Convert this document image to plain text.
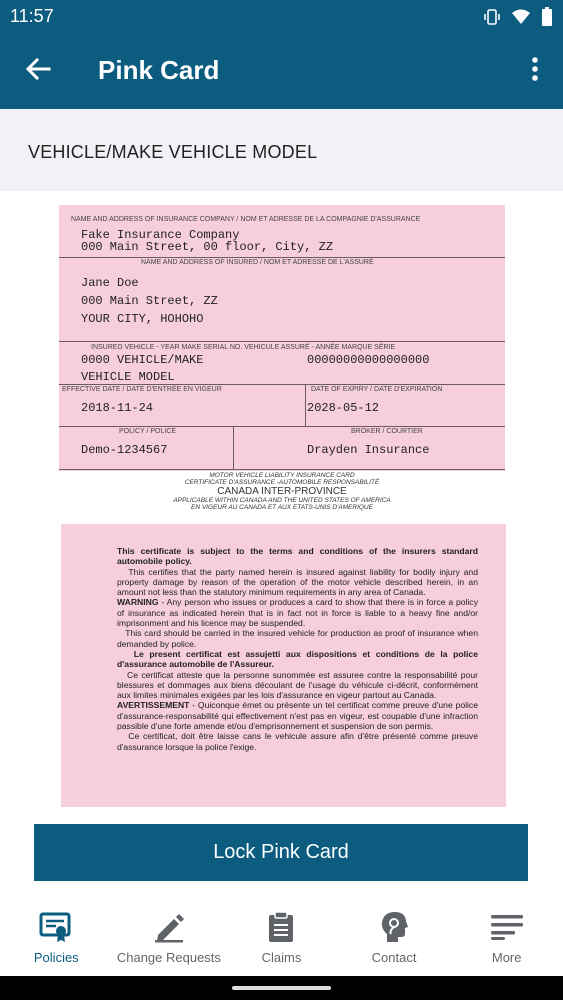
11:57
Pink Card
VEHICLE/MAKE VEHICLE MODEL
NAME AND ADDRESS OF INSURANCE COMPANY / NOM ET ADRESSE DE LA COMPAGNIE D'ASSURANCE
Fake Insurance Company
000 Main Street, 00 floor, City, ZZ
NAME AND ADDRESS OF INSURED / NOM ET ADRESSE DE L'ASSURÉ
Jane Doe
000 Main Street, ZZ
YOUR CITY, HOHOHO
INSURED VEHICLE - YEAR MAKE SERIAL NO. VEHICULE ASSURÉ - ANNÉE MARQUE SÉRIE
0000 VEHICLE/MAKE
VEHICLE MODEL
00000000000000000
EFFECTIVE DATE / DATE D'ENTRÉE EN VIGEUR
2018-11-24
DATE OF EXPIRY / DATE D'EXPIRATION
2028-05-12
POLICY / POLICE
Demo-1234567
BROKER / COURTIER
Drayden Insurance
MOTOR VEHICLE LIABILITY INSURANCE CARD
CERTIFICATE D'ASSURANCE -AUTOMOBILE RESPONSABILITÉ
CANADA INTER-PROVINCE
APPLICABLE WITHIN CANADA AND THE UNITED STATES OF AMERICA
EN VIGEUR AU CANADA ET AUX ETATS-UNIS D'AMERIQUE

This certificate is subject to the terms and conditions of the insurers standard automobile policy.

This certifies that the party named herein is insured against liability for bodily injury and property damage by reason of the operation of the motor vehicle described herein, in an amount not less than the statutory minimum requirements in any area of Canada.

WARNING - Any person who issues or produces a card to show that there is in force a policy of insurance as indicated herein that is in fact not in force is liable to a heavy fine and/or imprisonment and his licence may be suspended.

This card should be carried in the insured vehicle for production as proof of insurance when demanded by police.

Le present certificat est assujetti aux dispositions et conditions de la police d'assurance automobile de l'Assureur.

Ce certificat atteste que la personne sunommée est assuree contre la responsabilité pour blessures et dommages aux biens découlant de l'usage du véhicule ci-décrit, conformément aux limites minimales exigées par les lois d'assurance en vigeur partout au Canada.

AVERTISSEMENT - Quiconque émet ou présente un tel certificat comme preuve d'une police d'assurance-responsabilité qui effectivement n'est pas en vigeur, est coupable d'une infraction passible d'une forte amende et/ou d'emprisonnement et suspension de son permis.

Ce certificat, doit être laisse cans le vehicule assure afin d'être présenté comme preuve d'assurance lorsque la police l'exige.

Lock Pink Card
Policies	Change Requests	Claims	Contact	More
